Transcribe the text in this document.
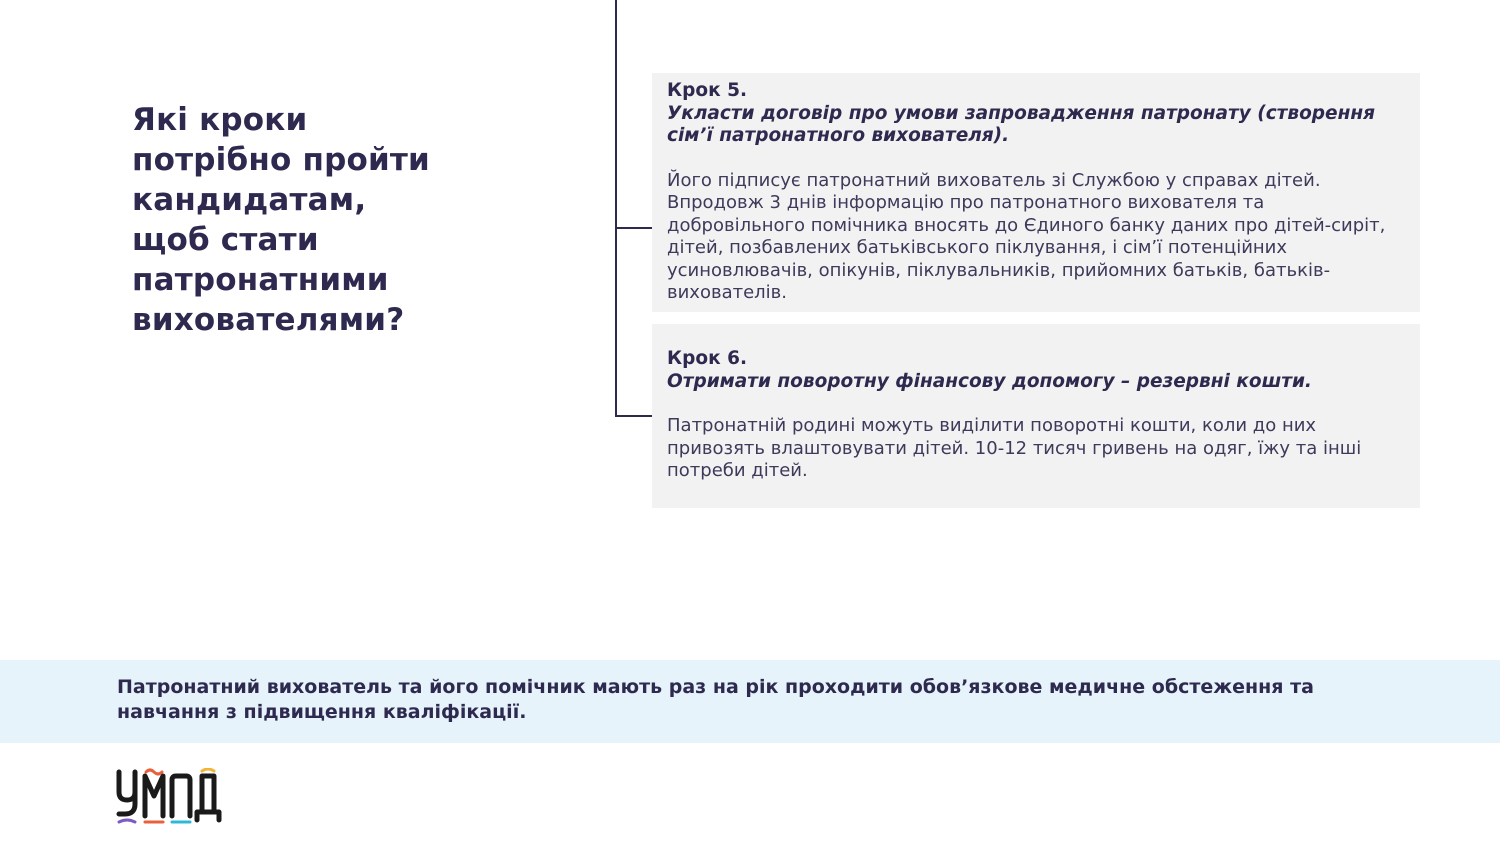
Які кроки
потрібно пройти
кандидатам,
щоб стати
патронатними
вихователями?
Крок 5.
Укласти договір про умови запровадження патронату (створення сім’ї патронатного вихователя).
Його підписує патронатний вихователь зі Службою у справах дітей. Впродовж 3 днів інформацію про патронатного вихователя та добровільного помічника вносять до Єдиного банку даних про дітей-сиріт, дітей, позбавлених батьківського піклування, і сім’ї потенційних усиновлювачів, опікунів, піклувальників, прийомних батьків, батьків-вихователів.
Крок 6.
Отримати поворотну фінансову допомогу – резервні кошти.
Патронатній родині можуть виділити поворотні кошти, коли до них привозять влаштовувати дітей. 10-12 тисяч гривень на одяг, їжу та інші потреби дітей.

Патронатний вихователь та його помічник мають раз на рік проходити обов’язкове медичне обстеження та навчання з підвищення кваліфікації.
